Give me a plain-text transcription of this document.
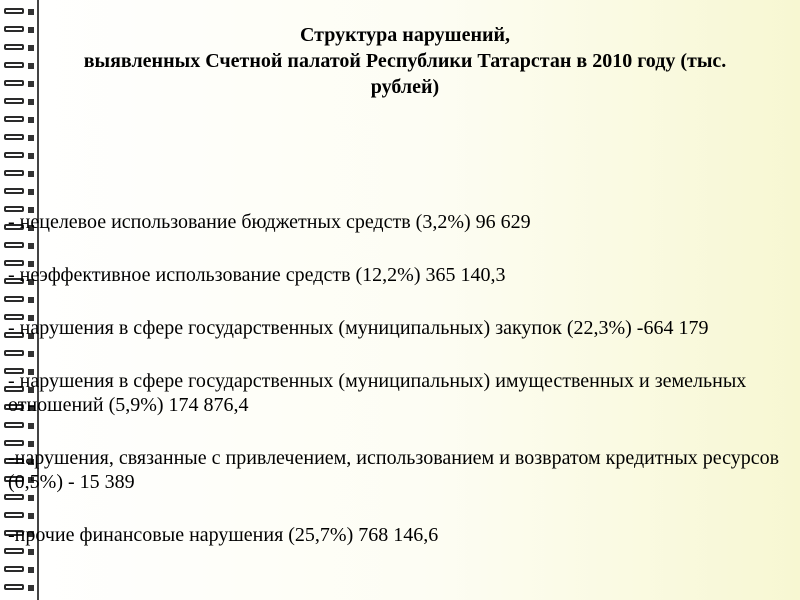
Структура нарушений,
выявленных Счетной палатой Республики Татарстан в 2010 году (тыс.
рублей)
- нецелевое использование бюджетных средств (3,2%) 96 629
- неэффективное использование средств (12,2%) 365 140,3
- нарушения в сфере государственных (муниципальных) закупок (22,3%) -664 179
- нарушения в сфере государственных (муниципальных) имущественных и земельных отношений (5,9%) 174 876,4
-нарушения, связанные с привлечением, использованием и возвратом кредитных ресурсов (0,5%) - 15 389
-прочие финансовые нарушения (25,7%) 768 146,6
